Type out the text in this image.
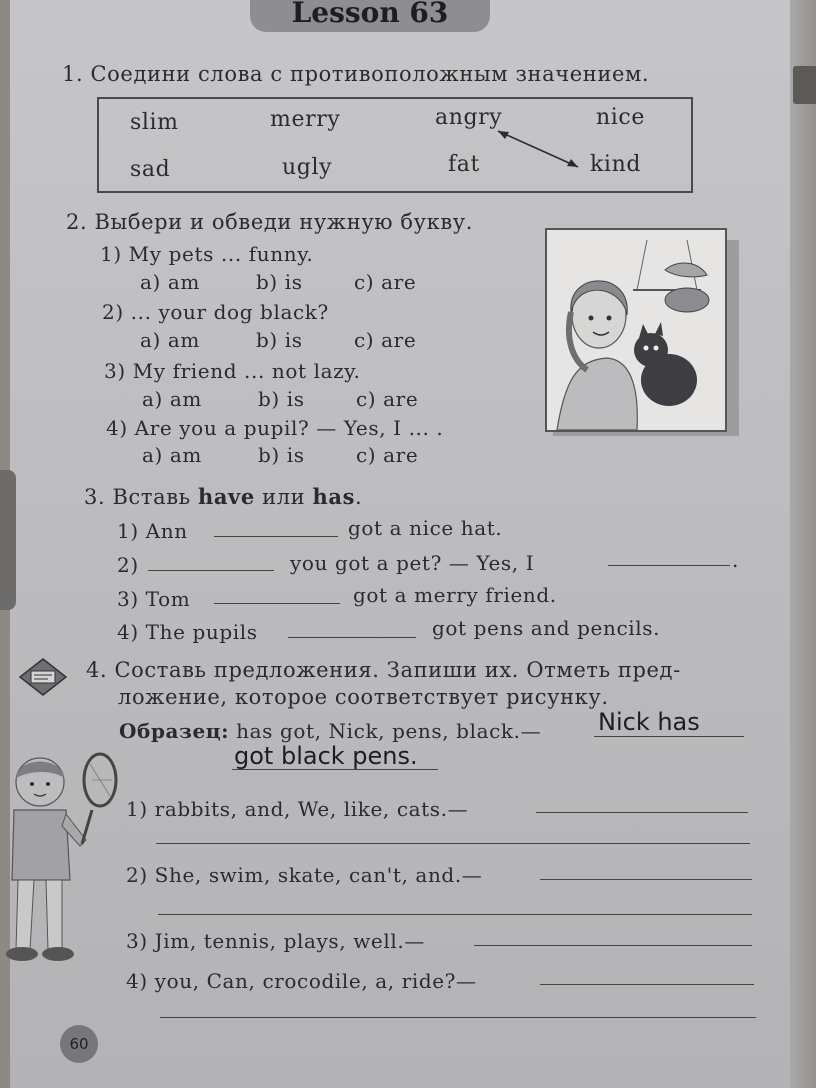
Lesson 63
1. Соедини слова с противоположным значением.
slim	merry	angry	nice
sad	ugly	fat	kind
2. Выбери и обведи нужную букву.
1) My pets ... funny.
a) am	b) is	c) are
2) ... your dog black?
a) am	b) is	c) are
3) My friend ... not lazy.
a) am	b) is	c) are
4) Are you a pupil? — Yes, I ... .
a) am	b) is	c) are
3. Вставь have или has.
1) Ann	got a nice hat.
2)	you got a pet? — Yes, I	.
3) Tom	got a merry friend.
4) The pupils	got pens and pencils.
4. Составь предложения. Запиши их. Отметь пред-
ложение, которое соответствует рисунку.
Образец: has got, Nick, pens, black.— Nick has
got black pens.
1) rabbits, and, We, like, cats.—
2) She, swim, skate, can't, and.—
3) Jim, tennis, plays, well.—
4) you, Can, crocodile, a, ride?—
60
